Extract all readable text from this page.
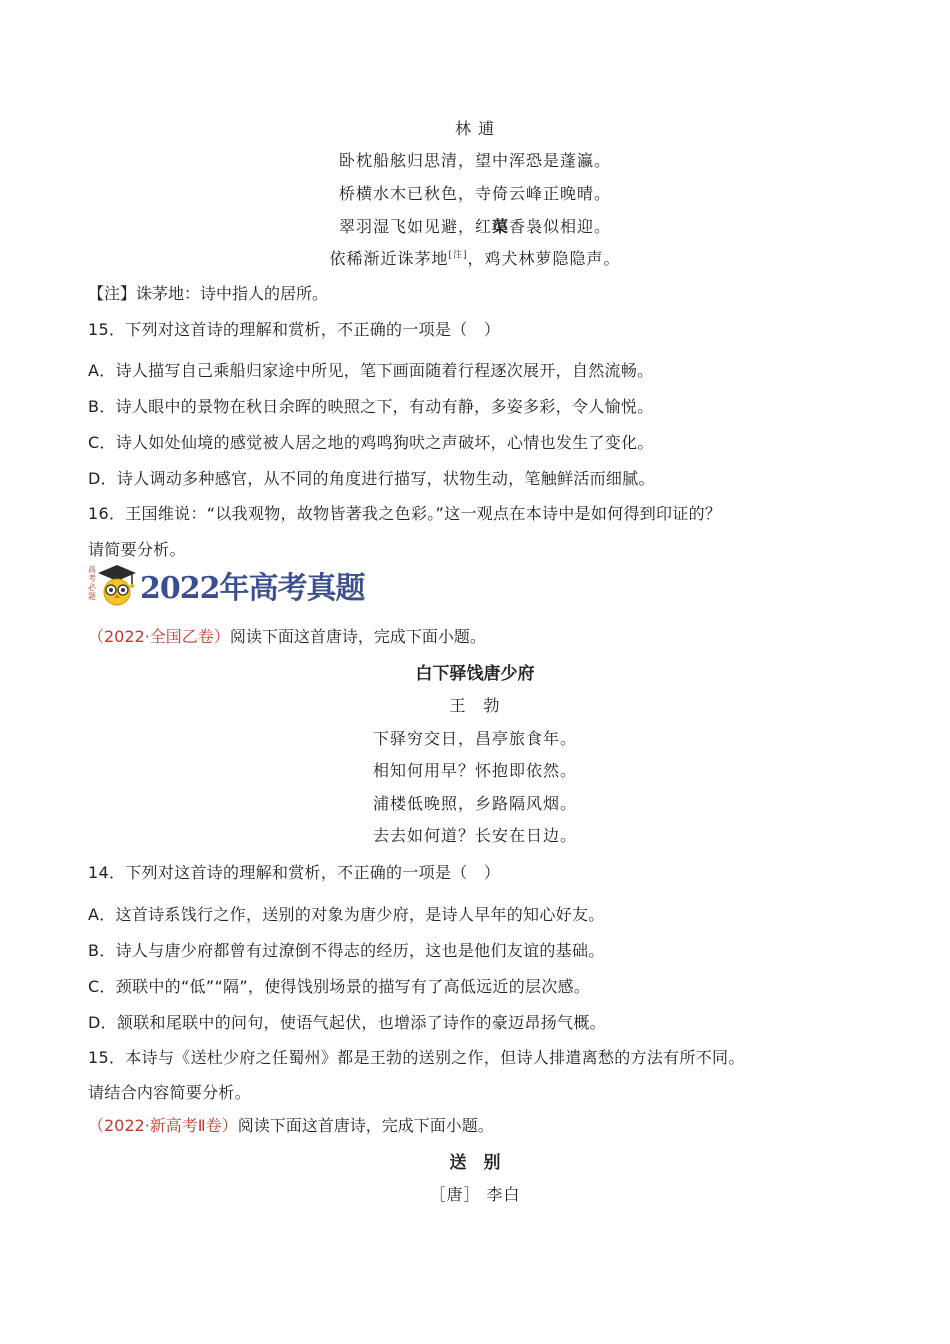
林 逋
卧枕船舷归思清，望中浑恐是蓬瀛。
桥横水木已秋色，寺倚云峰正晚晴。
翠羽湿飞如见避，红蕖香袅似相迎。
依稀渐近诛茅地[注]，鸡犬林萝隐隐声。
【注】诛茅地：诗中指人的居所。
15．下列对这首诗的理解和赏析，不正确的一项是（　）
A．诗人描写自己乘船归家途中所见，笔下画面随着行程逐次展开，自然流畅。
B．诗人眼中的景物在秋日余晖的映照之下，有动有静，多姿多彩，令人愉悦。
C．诗人如处仙境的感觉被人居之地的鸡鸣狗吠之声破坏，心情也发生了变化。
D．诗人调动多种感官，从不同的角度进行描写，状物生动，笔触鲜活而细腻。
16．王国维说：“以我观物，故物皆著我之色彩。”这一观点在本诗中是如何得到印证的？
请简要分析。
高考必题 2022年高考真题
（2022·全国乙卷）阅读下面这首唐诗，完成下面小题。
白下驿饯唐少府
王　勃
下驿穷交日，昌亭旅食年。
相知何用早？怀抱即依然。
浦楼低晚照，乡路隔风烟。
去去如何道？长安在日边。
14．下列对这首诗的理解和赏析，不正确的一项是（　）
A．这首诗系饯行之作，送别的对象为唐少府，是诗人早年的知心好友。
B．诗人与唐少府都曾有过潦倒不得志的经历，这也是他们友谊的基础。
C．颈联中的“低”“隔”，使得饯别场景的描写有了高低远近的层次感。
D．颔联和尾联中的问句，使语气起伏，也增添了诗作的豪迈昂扬气概。
15．本诗与《送杜少府之任蜀州》都是王勃的送别之作，但诗人排遣离愁的方法有所不同。
请结合内容简要分析。
（2022·新高考Ⅱ卷）阅读下面这首唐诗，完成下面小题。
送　别
［唐］ 李白
